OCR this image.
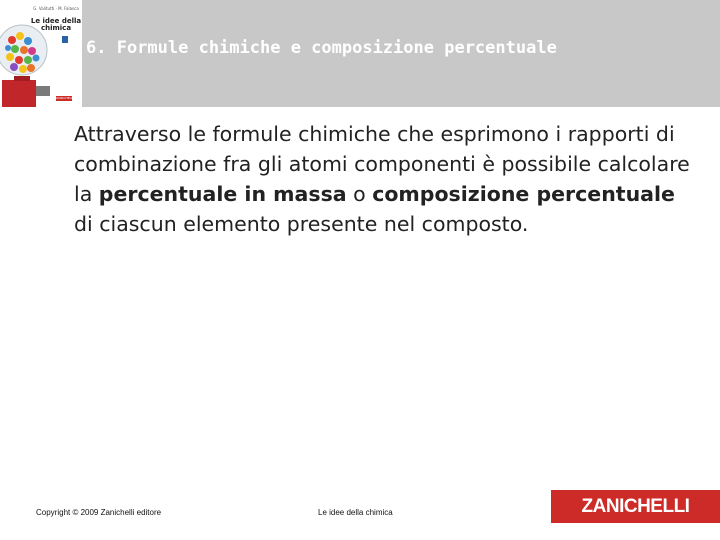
G. Valitutti · M. Falasca
Le idee della chimica
ZANICHELLI
6. Formule chimiche e composizione percentuale
Attraverso le formule chimiche che esprimono i rapporti di combinazione fra gli atomi componenti è possibile calcolare la percentuale in massa o composizione percentuale di ciascun elemento presente nel composto.
Copyright © 2009 Zanichelli editore	Le idee della chimica	ZANICHELLI
